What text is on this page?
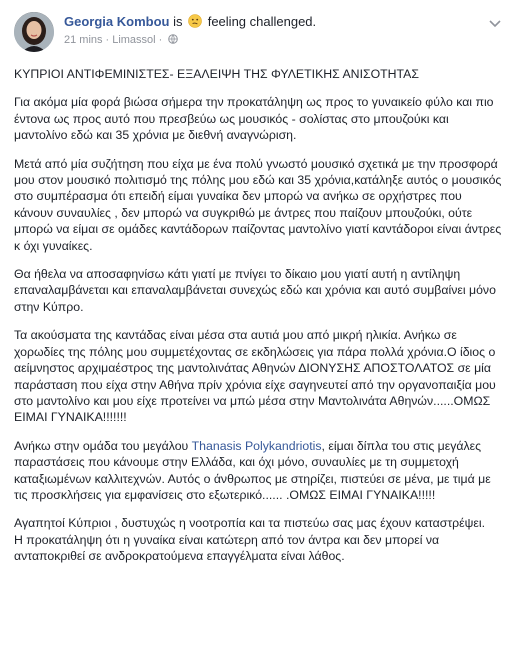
Georgia Kombou is feeling challenged.
21 mins · Limassol ·

ΚΥΠΡΙΟΙ ΑΝΤΙΦΕΜΙΝΙΣΤΕΣ- ΕΞΑΛΕΙΨΗ ΤΗΣ ΦΥΛΕΤΙΚΗΣ ΑΝΙΣΟΤΗΤΑΣ

Για ακόμα μία φορά βιώσα σήμερα την προκατάληψη ως προς το γυναικείο φύλο και πιο έντονα ως προς αυτό που πρεσβεύω ως μουσικός - σολίστας στο μπουζούκι και μαντολίνο εδώ και 35 χρόνια με διεθνή αναγνώριση.

Μετά από μία συζήτηση που είχα με ένα πολύ γνωστό μουσικό σχετικά με την προσφορά μου στον μουσικό πολιτισμό της πόλης μου εδώ και 35 χρόνια,κατάληξε αυτός ο μουσικός στο συμπέρασμα ότι επειδή είμαι γυναίκα δεν μπορώ να ανήκω σε ορχήστρες που κάνουν συναυλίες , δεν μπορώ να συγκριθώ με άντρες που παίζουν μπουζούκι, ούτε μπορώ να είμαι σε ομάδες καντάδορων παίζοντας μαντολίνο γιατί καντάδοροι είναι άντρες κ όχι γυναίκες.

Θα ήθελα να αποσαφηνίσω κάτι γιατί με πνίγει το δίκαιο μου γιατί αυτή η αντίληψη επαναλαμβάνεται και επαναλαμβάνεται συνεχώς εδώ και χρόνια και αυτό συμβαίνει μόνο στην Κύπρο.

Τα ακούσματα της καντάδας είναι μέσα στα αυτιά μου από μικρή ηλικία. Ανήκω σε χορωδίες της πόλης μου συμμετέχοντας σε εκδηλώσεις για πάρα πολλά χρόνια.Ο ίδιος ο αείμνηστος αρχιμαέστρος της μαντολινάτας Αθηνών ΔΙΟΝΥΣΗΣ ΑΠΟΣΤΟΛΑΤΟΣ σε μία παράσταση που είχα στην Αθήνα πρίν χρόνια είχε σαγηνευτεί από την οργανοπαιξία μου στο μαντολίνο και μου είχε προτείνει να μπώ μέσα στην Μαντολινάτα Αθηνών......ΟΜΩΣ ΕΙΜΑΙ ΓΥΝΑΙΚΑ!!!!!!!

Ανήκω στην ομάδα του μεγάλου Thanasis Polykandriotis, είμαι δίπλα του στις μεγάλες παραστάσεις που κάνουμε στην Ελλάδα, και όχι μόνο, συναυλίες με τη συμμετοχή καταξιωμένων καλλιτεχνών. Αυτός ο άνθρωπος με στηρίζει, πιστεύει σε μένα, με τιμά με τις προσκλήσεις για εμφανίσεις στο εξωτερικό...... .ΟΜΩΣ ΕΙΜΑΙ ΓΥΝΑΙΚΑ!!!!!

Αγαπητοί Κύπριοι , δυστυχώς η νοοτροπία και τα πιστεύω σας μας έχουν καταστρέψει.
Η προκατάληψη ότι η γυναίκα είναι κατώτερη από τον άντρα και δεν μπορεί να ανταποκριθεί σε ανδροκρατούμενα επαγγέλματα είναι λάθος.
